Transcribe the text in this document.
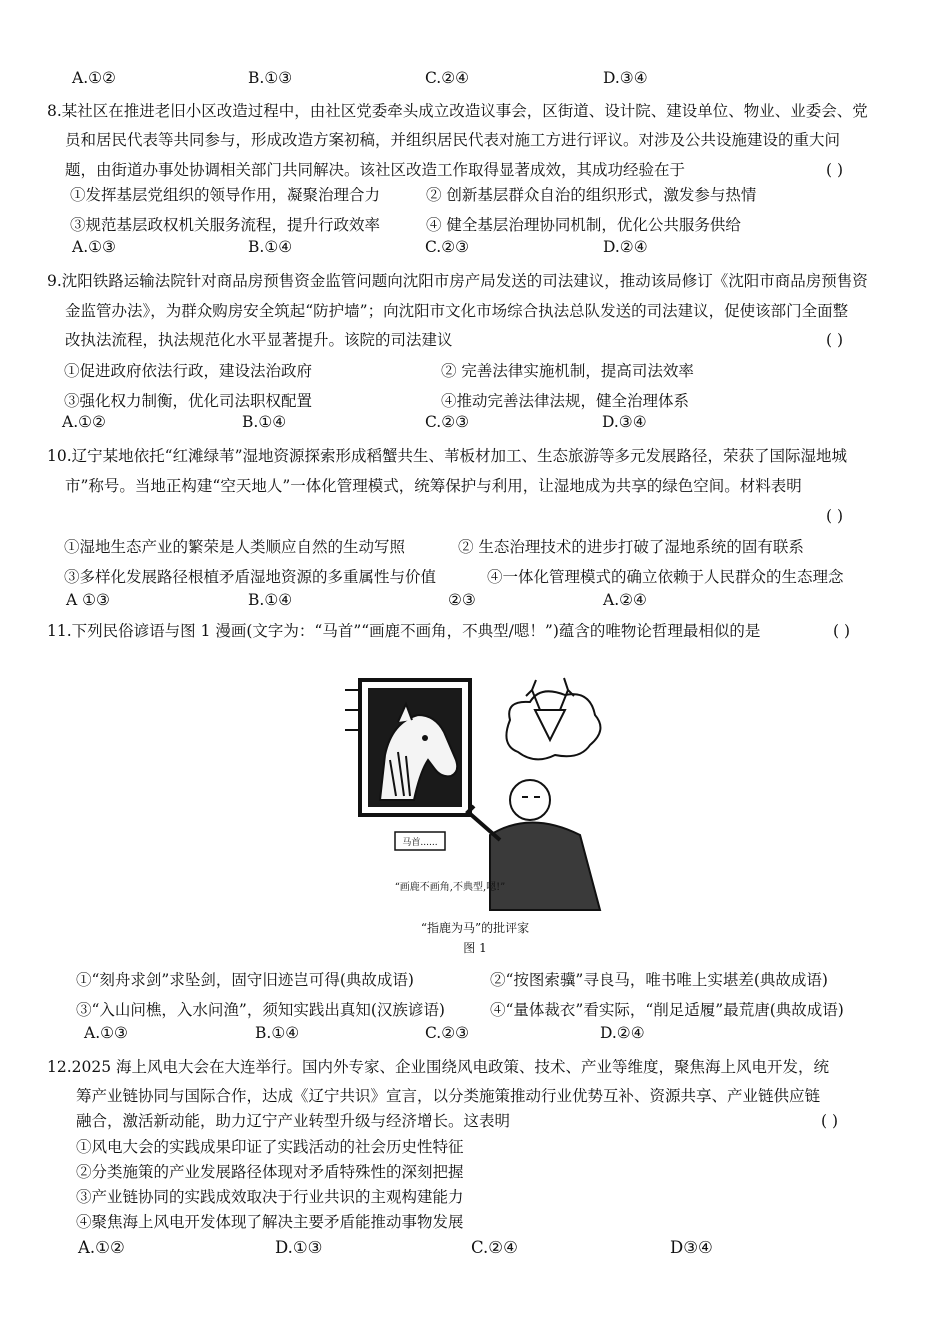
A.①②	B.①③	C.②④	D.③④
8.某社区在推进老旧小区改造过程中，由社区党委牵头成立改造议事会，区街道、设计院、建设单位、物业、业委会、党
员和居民代表等共同参与，形成改造方案初稿，并组织居民代表对施工方进行评议。对涉及公共设施建设的重大问
题，由街道办事处协调相关部门共同解决。该社区改造工作取得显著成效，其成功经验在于	( )
①发挥基层党组织的领导作用，凝聚治理合力	② 创新基层群众自治的组织形式，激发参与热情
③规范基层政权机关服务流程，提升行政效率	④ 健全基层治理协同机制，优化公共服务供给
A.①③	B.①④	C.②③	D.②④
9.沈阳铁路运输法院针对商品房预售资金监管问题向沈阳市房产局发送的司法建议，推动该局修订《沈阳市商品房预售资
金监管办法》，为群众购房安全筑起“防护墙”；向沈阳市文化市场综合执法总队发送的司法建议，促使该部门全面整
改执法流程，执法规范化水平显著提升。该院的司法建议	( )
①促进政府依法行政，建设法治政府	② 完善法律实施机制，提高司法效率
③强化权力制衡，优化司法职权配置	④推动完善法律法规，健全治理体系
A.①②	B.①④	C.②③	D.③④
10.辽宁某地依托“红滩绿苇”湿地资源探索形成稻蟹共生、苇板材加工、生态旅游等多元发展路径，荣获了国际湿地城
市”称号。当地正构建“空天地人”一体化管理模式，统筹保护与利用，让湿地成为共享的绿色空间。材料表明
( )
①湿地生态产业的繁荣是人类顺应自然的生动写照	② 生态治理技术的进步打破了湿地系统的固有联系
③多样化发展路径根植矛盾湿地资源的多重属性与价值	④一体化管理模式的确立依赖于人民群众的生态理念
A ①③	B.①④	②③	A.②④
11.下列民俗谚语与图 1 漫画(文字为：“马首”“画鹿不画角，不典型/嗯！”)蕴含的唯物论哲理最相似的是	( )
马首......
“画鹿不画角,不典型,嗯!”
“指鹿为马”的批评家
图 1
①“刻舟求剑”求坠剑，固守旧迹岂可得(典故成语)	②“按图索骥”寻良马，唯书唯上实堪差(典故成语)
③“入山问樵，入水问渔”，须知实践出真知(汉族谚语)	④“量体裁衣”看实际，“削足适履”最荒唐(典故成语)
A.①③	B.①④	C.②③	D.②④
12.2025 海上风电大会在大连举行。国内外专家、企业围绕风电政策、技术、产业等维度，聚焦海上风电开发，统
筹产业链协同与国际合作，达成《辽宁共识》宣言，以分类施策推动行业优势互补、资源共享、产业链供应链
融合，激活新动能，助力辽宁产业转型升级与经济增长。这表明	( )
①风电大会的实践成果印证了实践活动的社会历史性特征
②分类施策的产业发展路径体现对矛盾特殊性的深刻把握
③产业链协同的实践成效取决于行业共识的主观构建能力
④聚焦海上风电开发体现了解决主要矛盾能推动事物发展
A.①②	D.①③	C.②④	D③④
